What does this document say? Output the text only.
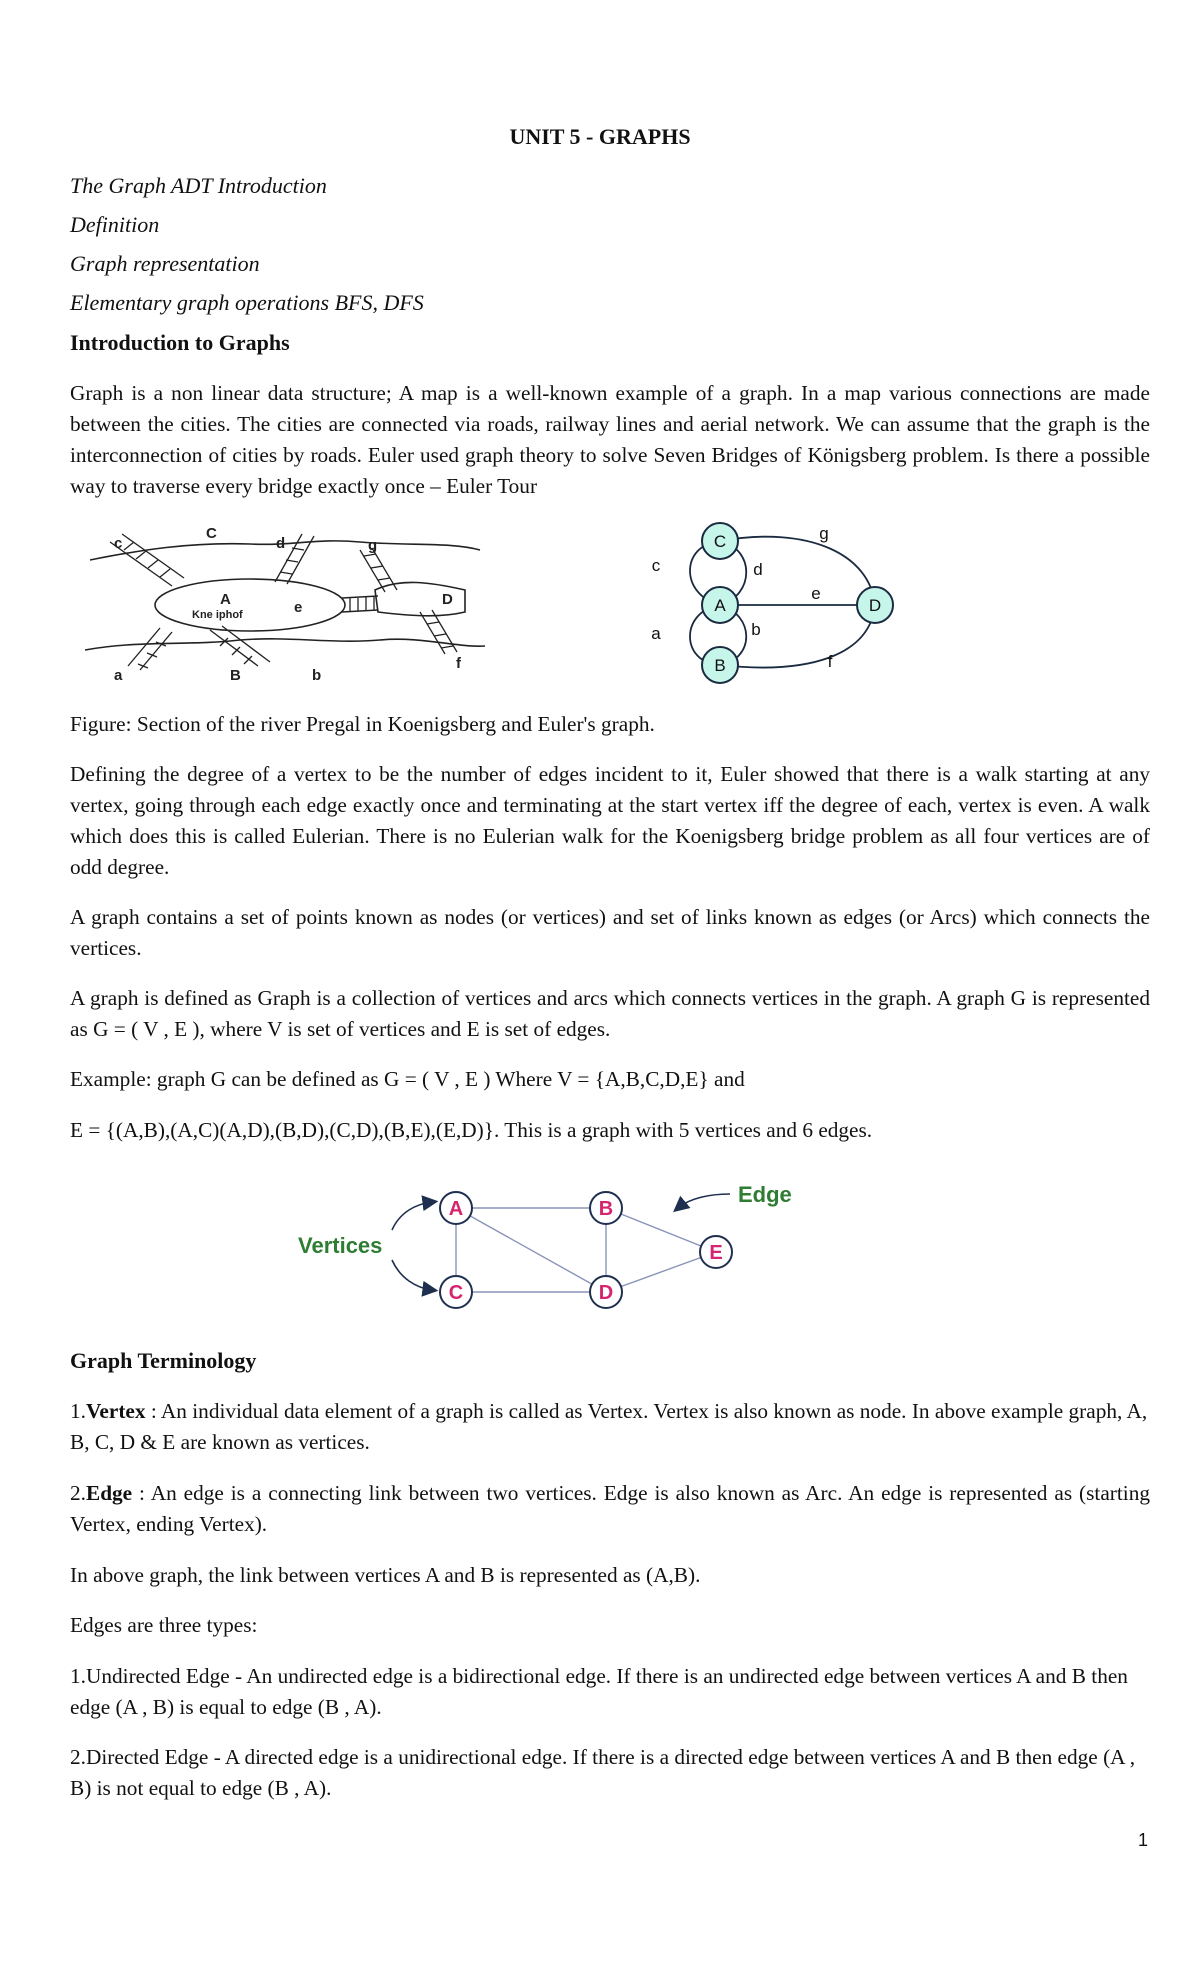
UNIT 5 - GRAPHS
The Graph ADT Introduction
Definition
Graph representation
Elementary graph operations BFS, DFS
Introduction to Graphs
Graph is a non linear data structure; A map is a well-known example of a graph. In a map various connections are made between the cities. The cities are connected via roads, railway lines and aerial network. We can assume that the graph is the interconnection of cities by roads. Euler used graph theory to solve Seven Bridges of Königsberg problem. Is there a possible way to traverse every bridge exactly once – Euler Tour
c
C
d	g
A
Kne iphof	e	D
a	B	b
f
C
A
B
D
c	d
g
e
a	b
f
Figure: Section of the river Pregal in Koenigsberg and Euler's graph.
Defining the degree of a vertex to be the number of edges incident to it, Euler showed that there is a walk starting at any vertex, going through each edge exactly once and terminating at the start vertex iff the degree of each, vertex is even. A walk which does this is called Eulerian. There is no Eulerian walk for the Koenigsberg bridge problem as all four vertices are of odd degree.
A graph contains a set of points known as nodes (or vertices) and set of links known as edges (or Arcs) which connects the vertices.
A graph is defined as Graph is a collection of vertices and arcs which connects vertices in the graph. A graph G is represented as G = ( V , E ), where V is set of vertices and E is set of edges.
Example: graph G can be defined as G = ( V , E ) Where V = {A,B,C,D,E} and
E = {(A,B),(A,C)(A,D),(B,D),(C,D),(B,E),(E,D)}. This is a graph with 5 vertices and 6 edges.
A	B
C	D
E
Vertices
Edge
Graph Terminology
1.Vertex : An individual data element of a graph is called as Vertex. Vertex is also known as node. In above example graph, A, B, C, D & E are known as vertices.
2.Edge : An edge is a connecting link between two vertices. Edge is also known as Arc. An edge is represented as (starting Vertex, ending Vertex).
In above graph, the link between vertices A and B is represented as (A,B).
Edges are three types:
1.Undirected Edge - An undirected edge is a bidirectional edge. If there is an undirected edge between vertices A and B then edge (A , B) is equal to edge (B , A).
2.Directed Edge - A directed edge is a unidirectional edge. If there is a directed edge between vertices A and B then edge (A , B) is not equal to edge (B , A).
1
